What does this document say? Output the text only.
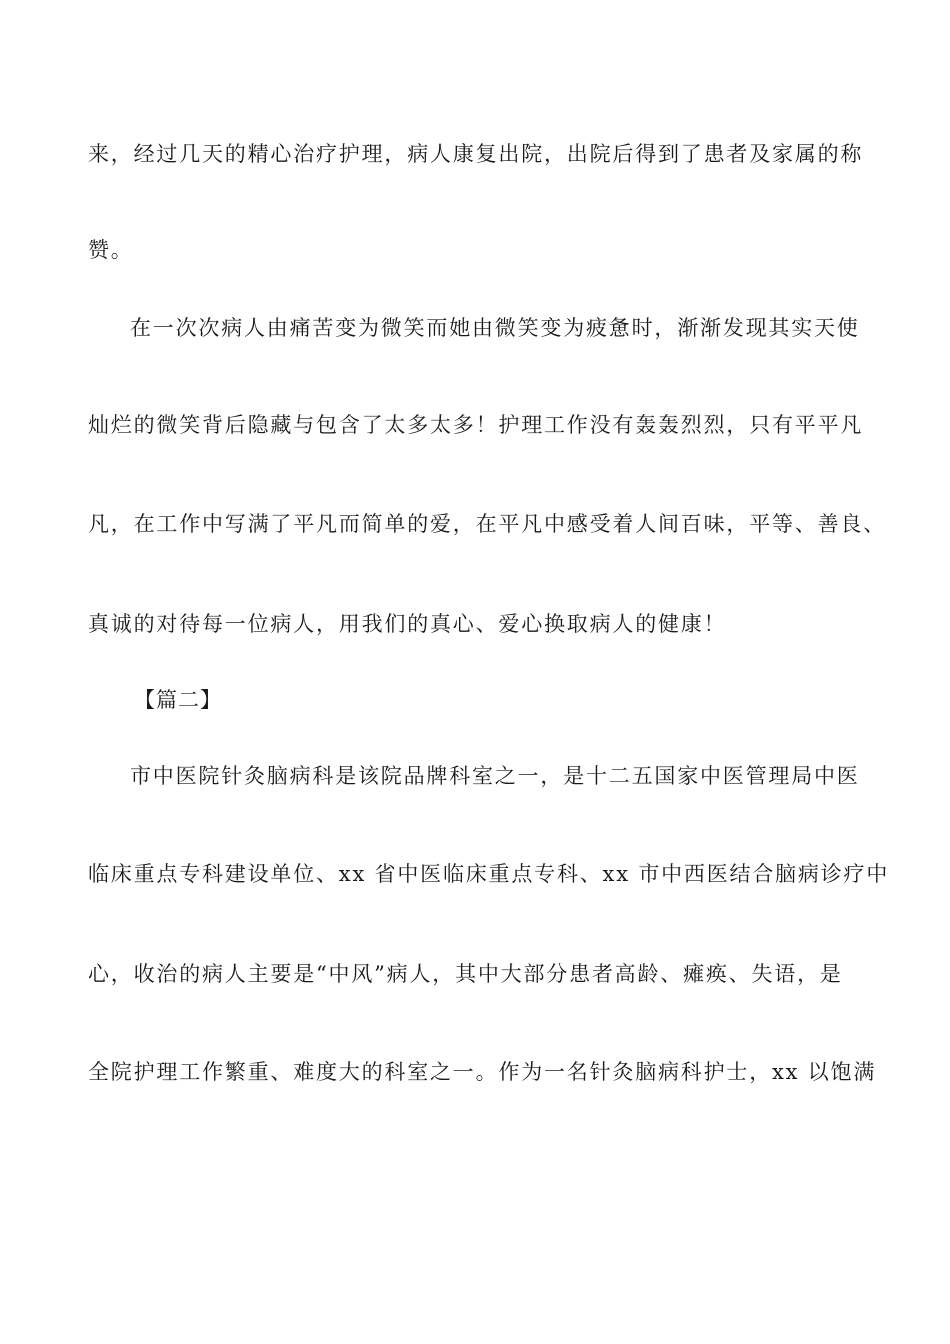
来，经过几天的精心治疗护理，病人康复出院，出院后得到了患者及家属的称
赞。
在一次次病人由痛苦变为微笑而她由微笑变为疲惫时，渐渐发现其实天使
灿烂的微笑背后隐藏与包含了太多太多！护理工作没有轰轰烈烈，只有平平凡
凡，在工作中写满了平凡而简单的爱，在平凡中感受着人间百味，平等、善良、
真诚的对待每一位病人，用我们的真心、爱心换取病人的健康！
【篇二】
市中医院针灸脑病科是该院品牌科室之一，是十二五国家中医管理局中医
临床重点专科建设单位、xx 省中医临床重点专科、xx 市中西医结合脑病诊疗中
心，收治的病人主要是“中风”病人，其中大部分患者高龄、瘫痪、失语，是
全院护理工作繁重、难度大的科室之一。作为一名针灸脑病科护士，xx 以饱满
